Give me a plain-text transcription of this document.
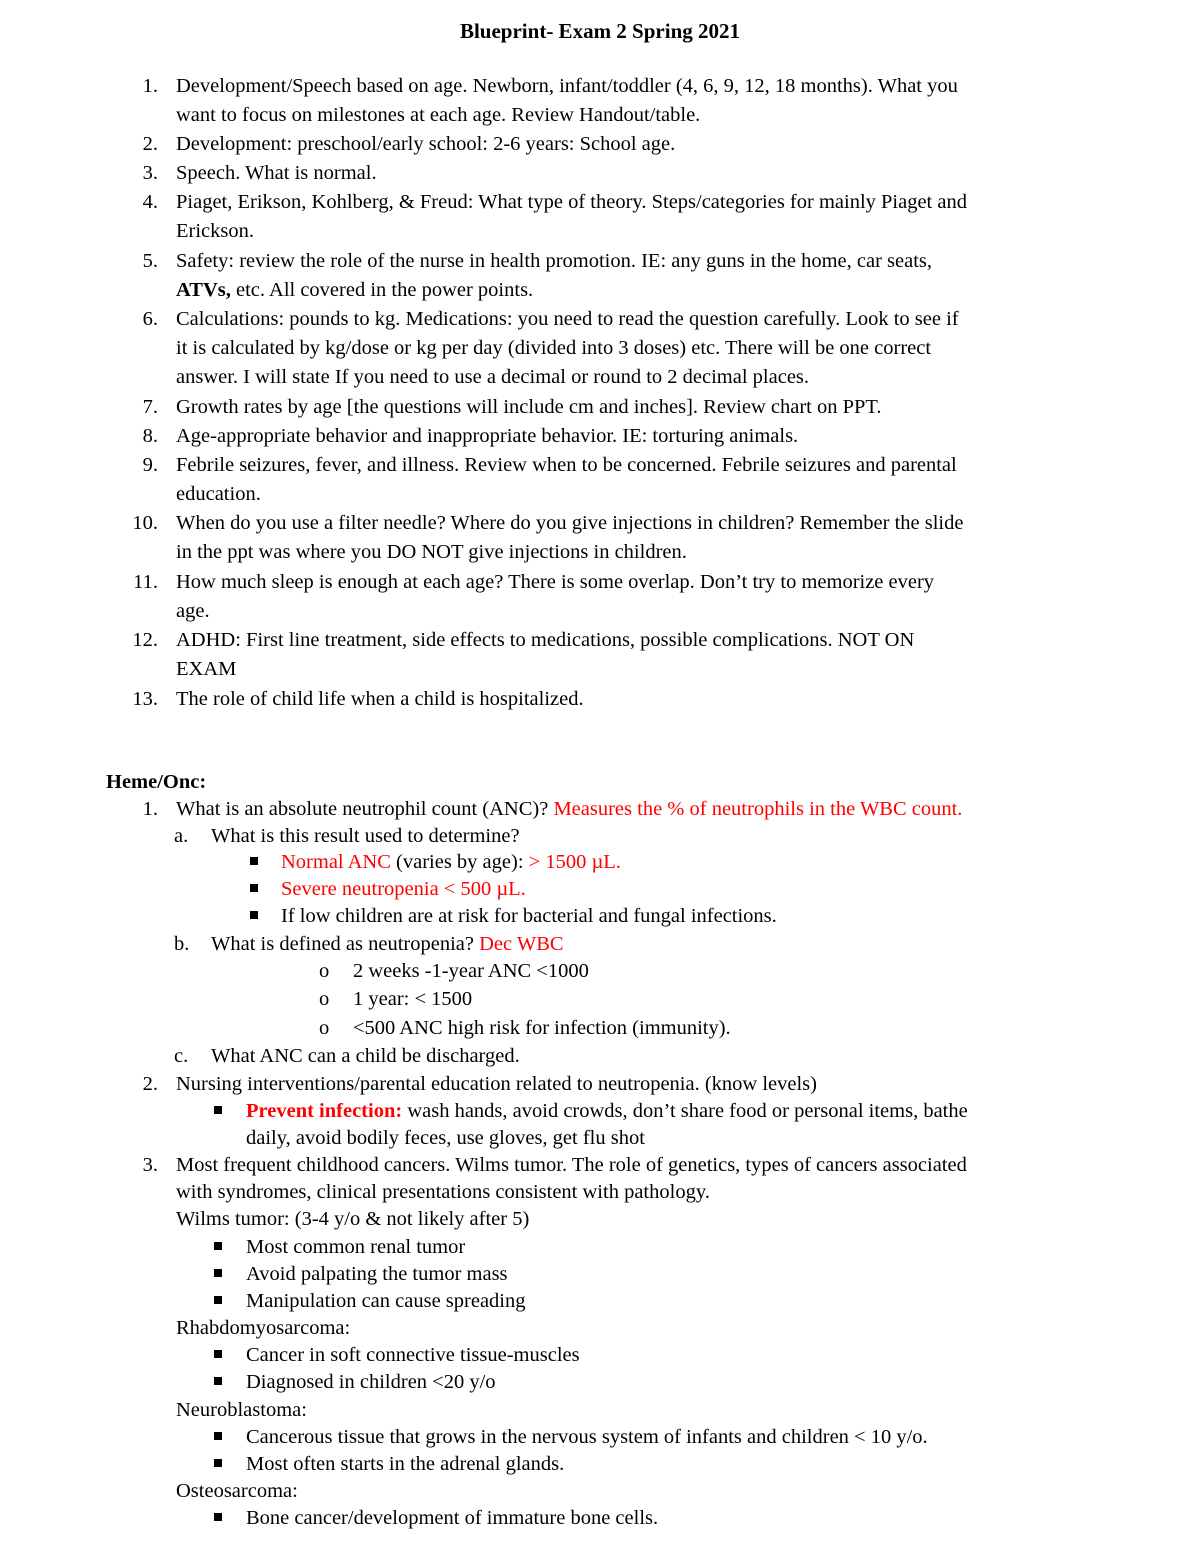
Blueprint- Exam 2 Spring 2021
1. Development/Speech based on age. Newborn, infant/toddler (4, 6, 9, 12, 18 months). What you
want to focus on milestones at each age. Review Handout/table.
2. Development: preschool/early school: 2-6 years: School age.
3. Speech. What is normal.
4. Piaget, Erikson, Kohlberg, & Freud: What type of theory. Steps/categories for mainly Piaget and
Erickson.
5. Safety: review the role of the nurse in health promotion. IE: any guns in the home, car seats,
ATVs, etc. All covered in the power points.
6. Calculations: pounds to kg. Medications: you need to read the question carefully. Look to see if
it is calculated by kg/dose or kg per day (divided into 3 doses) etc. There will be one correct
answer. I will state If you need to use a decimal or round to 2 decimal places.
7. Growth rates by age [the questions will include cm and inches]. Review chart on PPT.
8. Age-appropriate behavior and inappropriate behavior. IE: torturing animals.
9. Febrile seizures, fever, and illness. Review when to be concerned. Febrile seizures and parental
education.
10. When do you use a filter needle? Where do you give injections in children? Remember the slide
in the ppt was where you DO NOT give injections in children.
11. How much sleep is enough at each age? There is some overlap. Don’t try to memorize every
age.
12. ADHD: First line treatment, side effects to medications, possible complications. NOT ON
EXAM
13. The role of child life when a child is hospitalized.
Heme/Onc:
1. What is an absolute neutrophil count (ANC)? Measures the % of neutrophils in the WBC count.
a. What is this result used to determine?
Normal ANC (varies by age): > 1500 µL.
Severe neutropenia < 500 µL.
If low children are at risk for bacterial and fungal infections.
b. What is defined as neutropenia? Dec WBC
o 2 weeks -1-year ANC <1000
o 1 year: < 1500
o <500 ANC high risk for infection (immunity).
c. What ANC can a child be discharged.
2. Nursing interventions/parental education related to neutropenia. (know levels)
Prevent infection: wash hands, avoid crowds, don’t share food or personal items, bathe
daily, avoid bodily feces, use gloves, get flu shot
3. Most frequent childhood cancers. Wilms tumor. The role of genetics, types of cancers associated
with syndromes, clinical presentations consistent with pathology.
Wilms tumor: (3-4 y/o & not likely after 5)
Most common renal tumor
Avoid palpating the tumor mass
Manipulation can cause spreading
Rhabdomyosarcoma:
Cancer in soft connective tissue-muscles
Diagnosed in children <20 y/o
Neuroblastoma:
Cancerous tissue that grows in the nervous system of infants and children < 10 y/o.
Most often starts in the adrenal glands.
Osteosarcoma:
Bone cancer/development of immature bone cells.
